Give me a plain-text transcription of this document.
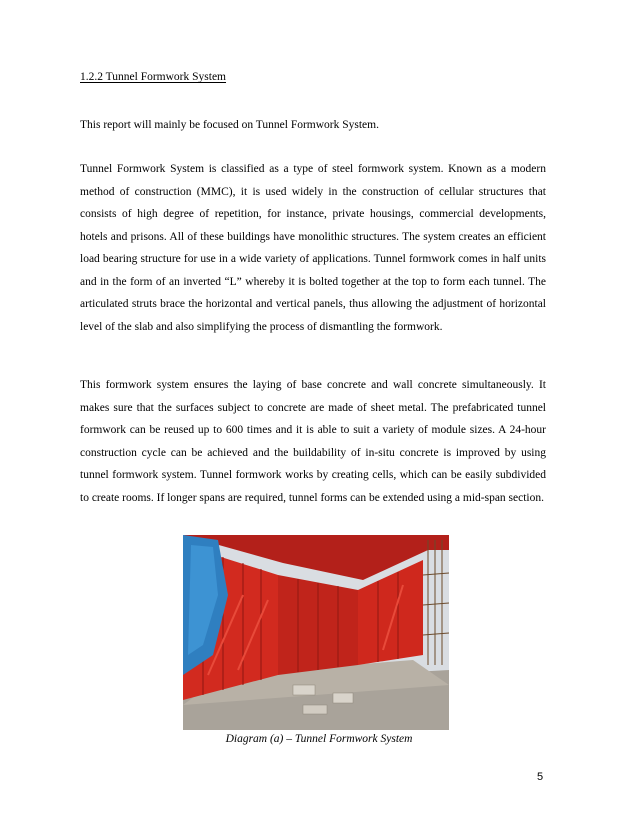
1.2.2 Tunnel Formwork System
This report will mainly be focused on Tunnel Formwork System.

Tunnel Formwork System is classified as a type of steel formwork system. Known as a modern method of construction (MMC), it is used widely in the construction of cellular structures that consists of high degree of repetition, for instance, private housings, commercial developments, hotels and prisons. All of these buildings have monolithic structures. The system creates an efficient load bearing structure for use in a wide variety of applications. Tunnel formwork comes in half units and in the form of an inverted “L” whereby it is bolted together at the top to form each tunnel. The articulated struts brace the horizontal and vertical panels, thus allowing the adjustment of horizontal level of the slab and also simplifying the process of dismantling the formwork.

This formwork system ensures the laying of base concrete and wall concrete simultaneously. It makes sure that the surfaces subject to concrete are made of sheet metal. The prefabricated tunnel formwork can be reused up to 600 times and it is able to suit a variety of module sizes. A 24-hour construction cycle can be achieved and the buildability of in-situ concrete is improved by using tunnel formwork system. Tunnel formwork works by creating cells, which can be easily subdivided to create rooms. If longer spans are required, tunnel forms can be extended using a mid-span section.

Diagram (a) – Tunnel Formwork System
5
